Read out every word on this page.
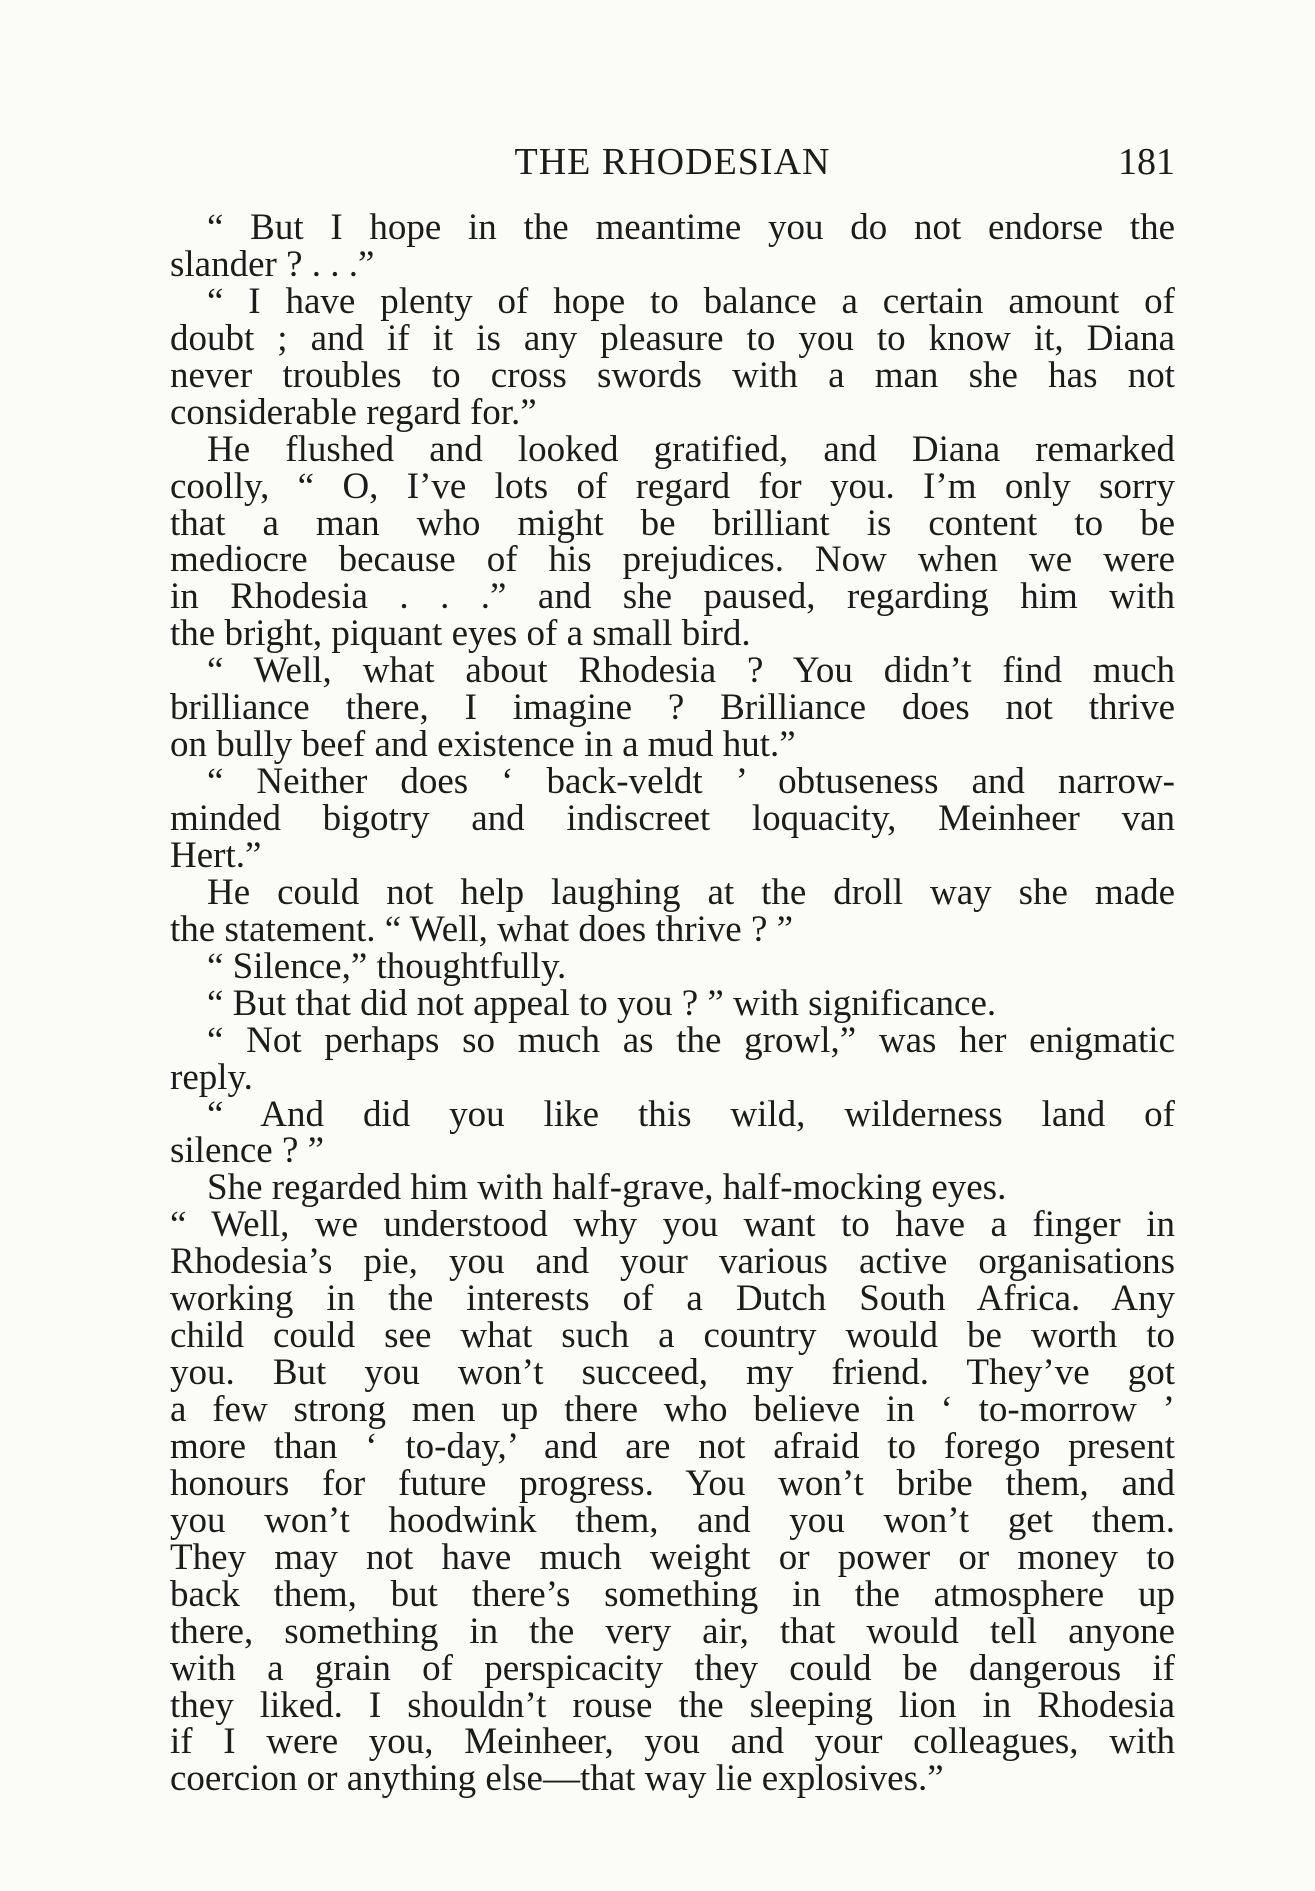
THE RHODESIAN	181
“ But I hope in the meantime you do not endorse the
slander ? . . .”
“ I have plenty of hope to balance a certain amount of
doubt ; and if it is any pleasure to you to know it, Diana
never troubles to cross swords with a man she has not
considerable regard for.”
He flushed and looked gratified, and Diana remarked
coolly, “ O, I’ve lots of regard for you. I’m only sorry
that a man who might be brilliant is content to be
mediocre because of his prejudices. Now when we were
in Rhodesia . . .” and she paused, regarding him with
the bright, piquant eyes of a small bird.
“ Well, what about Rhodesia ? You didn’t find much
brilliance there, I imagine ? Brilliance does not thrive
on bully beef and existence in a mud hut.”
“ Neither does ‘ back-veldt ’ obtuseness and narrow-
minded bigotry and indiscreet loquacity, Meinheer van
Hert.”
He could not help laughing at the droll way she made
the statement. “ Well, what does thrive ? ”
“ Silence,” thoughtfully.
“ But that did not appeal to you ? ” with significance.
“ Not perhaps so much as the growl,” was her enigmatic
reply.
“ And did you like this wild, wilderness land of
silence ? ”
She regarded him with half-grave, half-mocking eyes.
“ Well, we understood why you want to have a finger in
Rhodesia’s pie, you and your various active organisations
working in the interests of a Dutch South Africa. Any
child could see what such a country would be worth to
you. But you won’t succeed, my friend. They’ve got
a few strong men up there who believe in ‘ to-morrow ’
more than ‘ to-day,’ and are not afraid to forego present
honours for future progress. You won’t bribe them, and
you won’t hoodwink them, and you won’t get them.
They may not have much weight or power or money to
back them, but there’s something in the atmosphere up
there, something in the very air, that would tell anyone
with a grain of perspicacity they could be dangerous if
they liked. I shouldn’t rouse the sleeping lion in Rhodesia
if I were you, Meinheer, you and your colleagues, with
coercion or anything else—that way lie explosives.”
